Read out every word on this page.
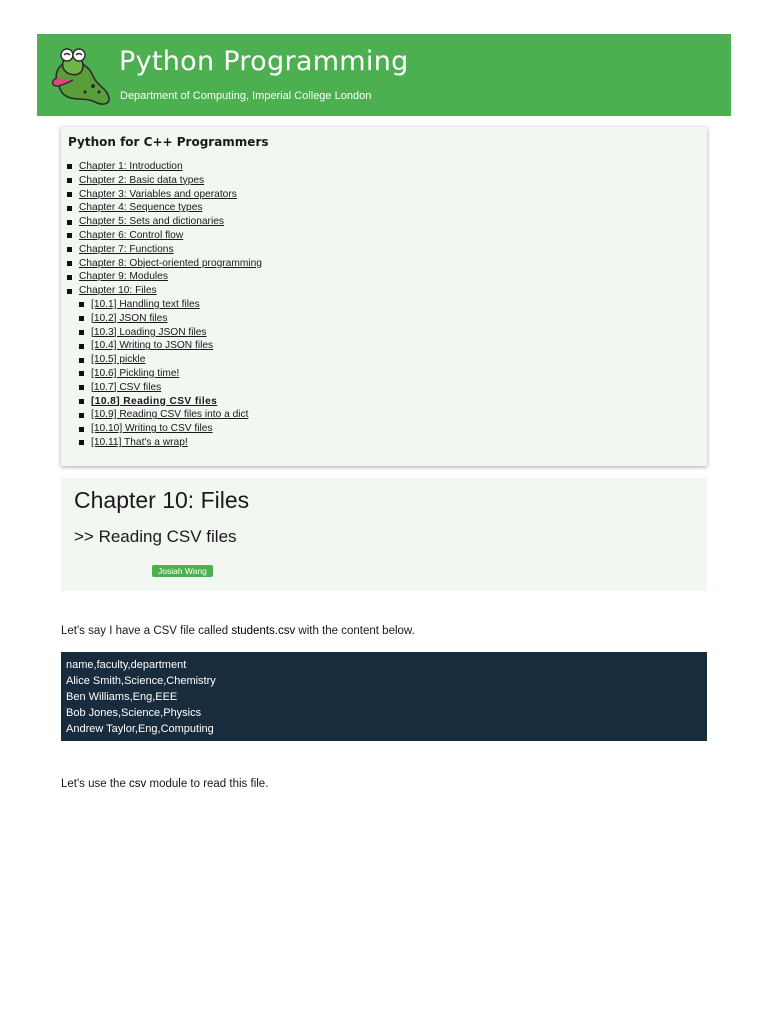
Python Programming
Department of Computing, Imperial College London
Python for C++ Programmers
Chapter 1: Introduction
Chapter 2: Basic data types
Chapter 3: Variables and operators
Chapter 4: Sequence types
Chapter 5: Sets and dictionaries
Chapter 6: Control flow
Chapter 7: Functions
Chapter 8: Object-oriented programming
Chapter 9: Modules
Chapter 10: Files
[10.1] Handling text files
[10.2] JSON files
[10.3] Loading JSON files
[10.4] Writing to JSON files
[10.5] pickle
[10.6] Pickling time!
[10.7] CSV files
[10.8] Reading CSV files
[10.9] Reading CSV files into a dict
[10.10] Writing to CSV files
[10.11] That's a wrap!
Chapter 10: Files
>> Reading CSV files
Josiah Wang

Let's say I have a CSV file called students.csv with the content below.

name,faculty,department
Alice Smith,Science,Chemistry
Ben Williams,Eng,EEE
Bob Jones,Science,Physics
Andrew Taylor,Eng,Computing

Let's use the csv module to read this file.
